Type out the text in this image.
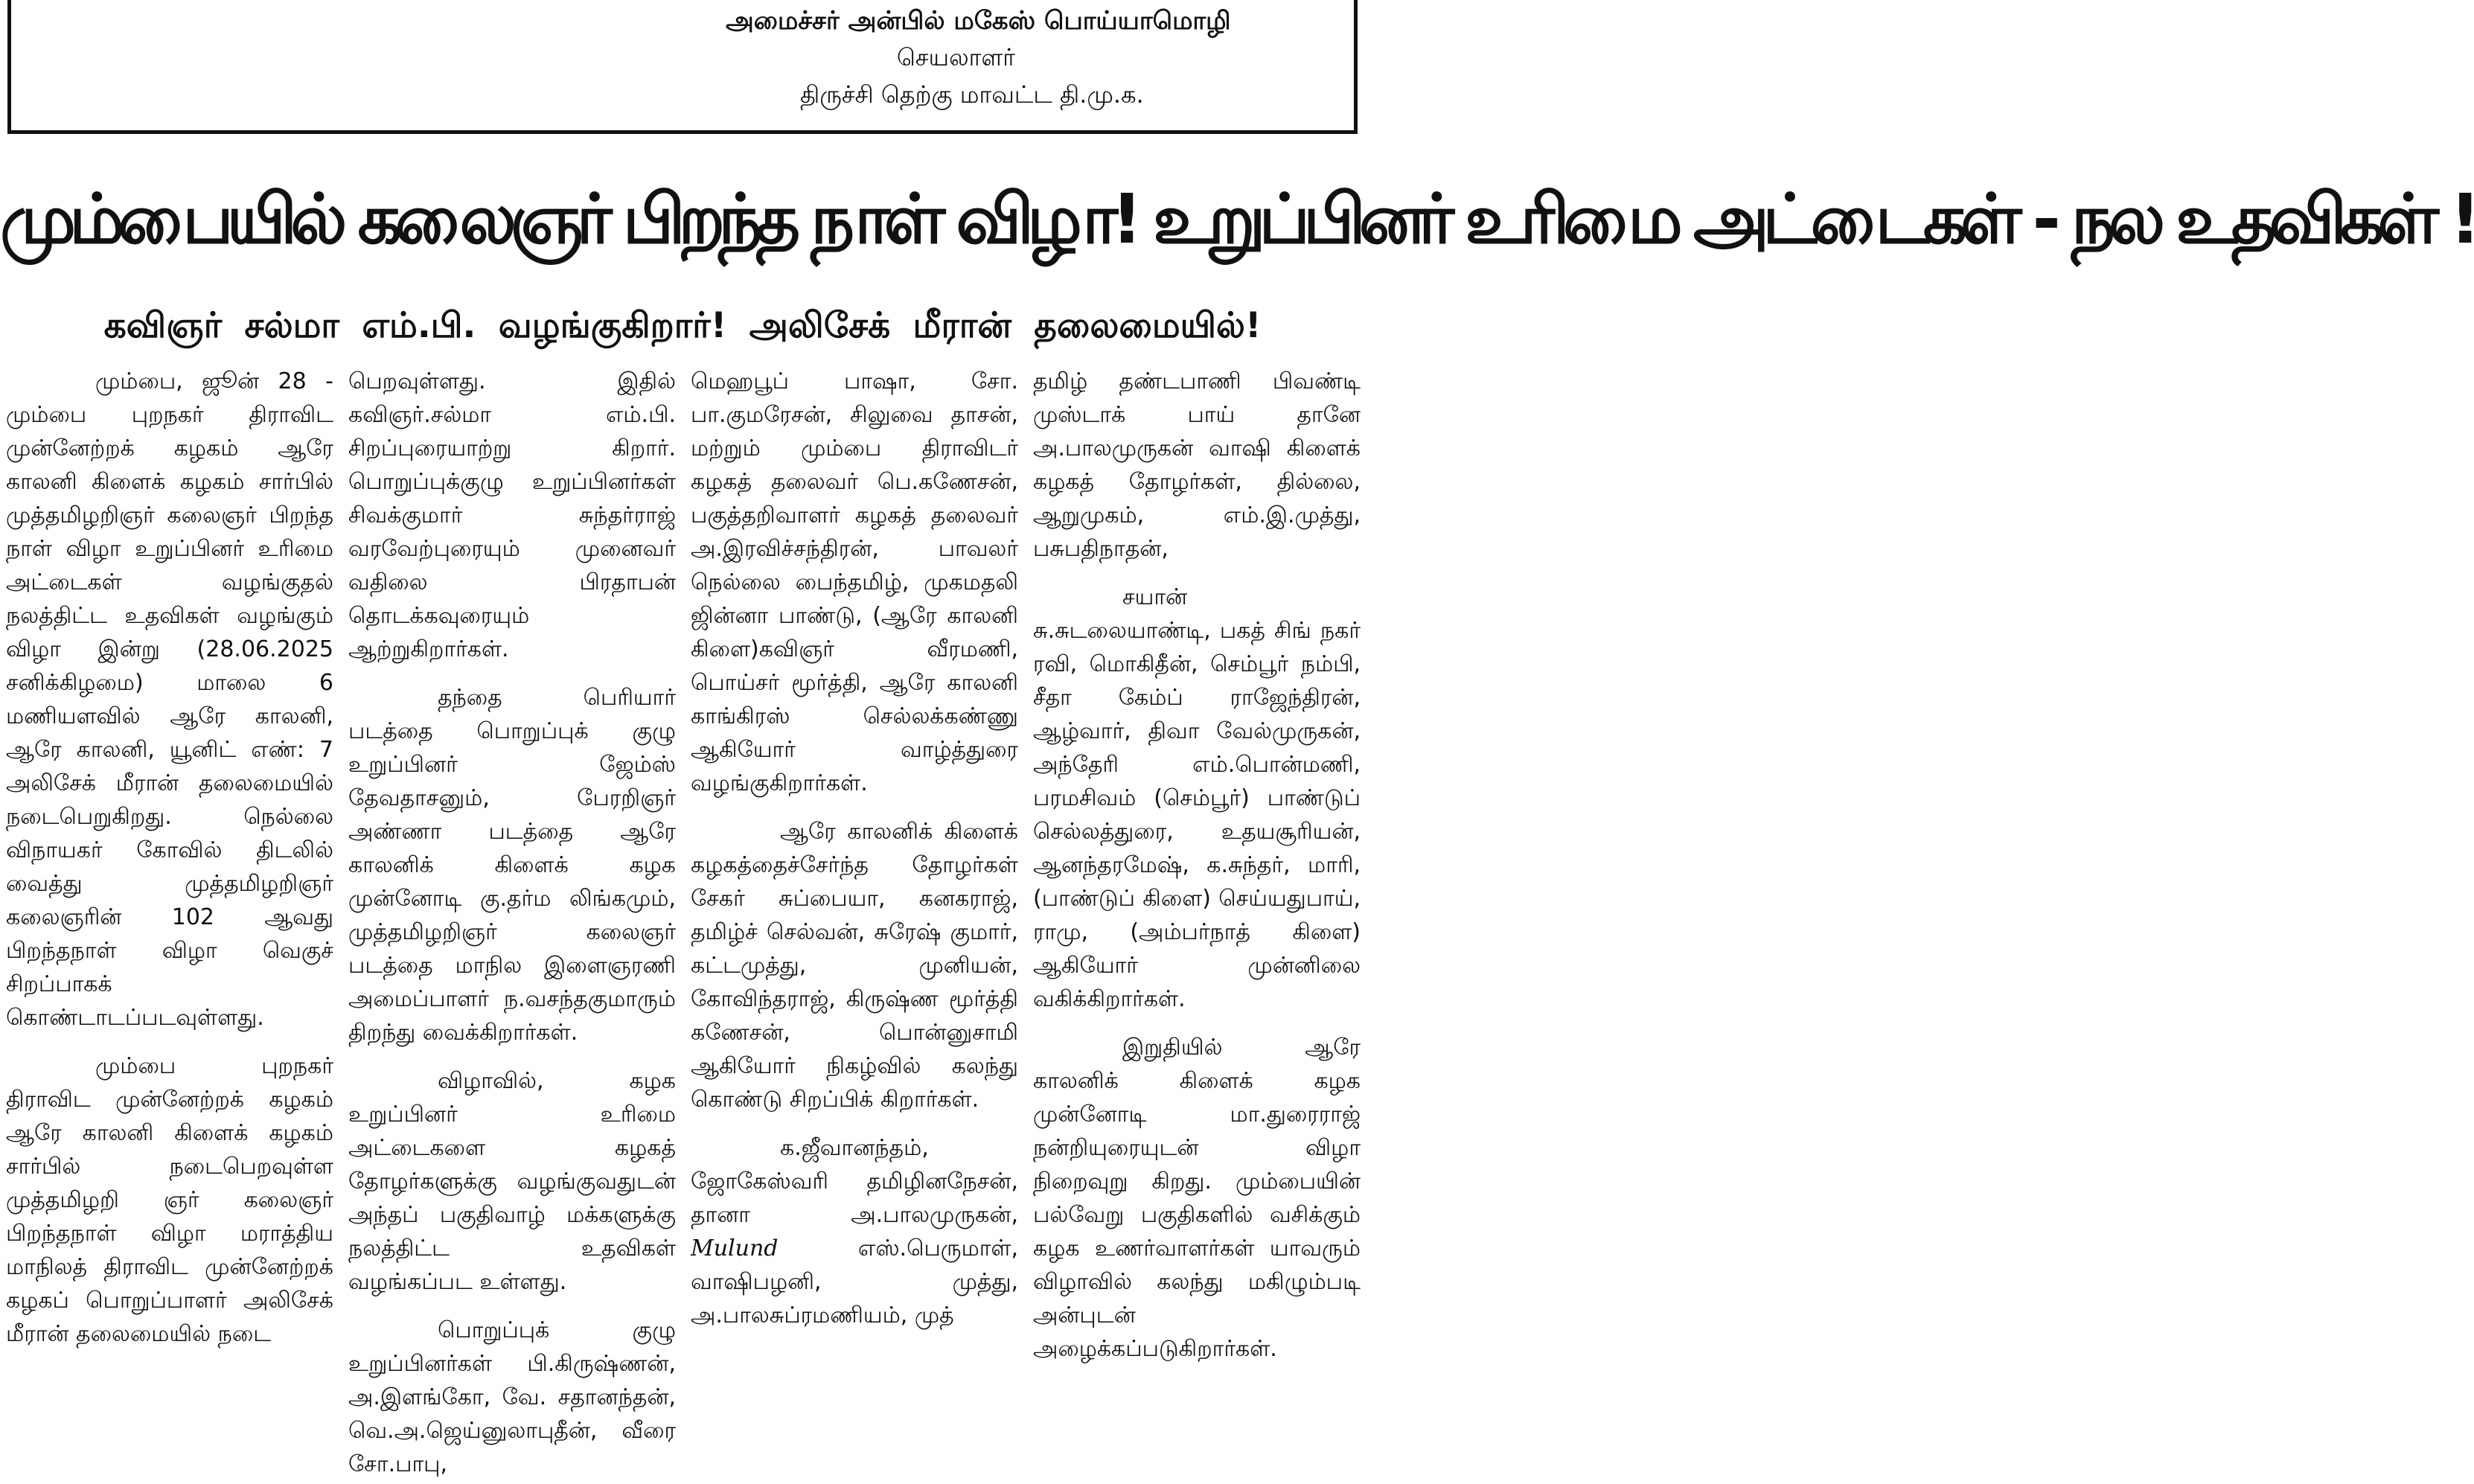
அமைச்சர் அன்பில் மகேஸ் பொய்யாமொழி
செயலாளர்
திருச்சி தெற்கு மாவட்ட தி.மு.க.
மும்பையில் கலைஞர் பிறந்த நாள் விழா! உறுப்பினர் உரிமை அட்டைகள் - நல உதவிகள் !
கவிஞர் சல்மா எம்.பி. வழங்குகிறார்! அலிசேக் மீரான் தலைமையில்!

மும்பை, ஜூன் 28 - மும்பை புறநகர் திராவிட முன்னேற்றக் கழகம் ஆரே காலனி கிளைக் கழகம் சார்பில் முத்தமிழறிஞர் கலைஞர் பிறந்த நாள் விழா உறுப்பினர் உரிமை அட்டைகள் வழங்குதல் நலத்திட்ட உதவிகள் வழங்கும் விழா இன்று (28.06.2025 சனிக்கிழமை) மாலை 6 மணியளவில் ஆரே காலனி, ஆரே காலனி, யூனிட் எண்: 7 அலிசேக் மீரான் தலைமையில் நடைபெறுகிறது. நெல்லை விநாயகர் கோவில் திடலில் வைத்து முத்தமிழறிஞர் கலைஞரின் 102 ஆவது பிறந்தநாள் விழா வெகுச் சிறப்பாகக் கொண்டாடப்படவுள்ளது.

மும்பை புறநகர் திராவிட முன்னேற்றக் கழகம் ஆரே காலனி கிளைக் கழகம் சார்பில் நடைபெறவுள்ள முத்தமிழறி ஞர் கலைஞர் பிறந்தநாள் விழா மராத்திய மாநிலத் திராவிட முன்னேற்றக் கழகப் பொறுப்பாளர் அலிசேக் மீரான் தலைமையில் நடை

பெறவுள்ளது. இதில் கவிஞர்.சல்மா எம்.பி. சிறப்புரையாற்று கிறார். பொறுப்புக்குழு உறுப்பினர்கள் சிவக்குமார் சுந்தர்ராஜ் வரவேற்புரையும் முனைவர் வதிலை பிரதாபன் தொடக்கவுரையும் ஆற்றுகிறார்கள்.

தந்தை பெரியார் படத்தை பொறுப்புக் குழு உறுப்பினர் ஜேம்ஸ் தேவதாசனும், பேரறிஞர் அண்ணா படத்தை ஆரே காலனிக் கிளைக் கழக முன்னோடி கு.தர்ம லிங்கமும், முத்தமிழறிஞர் கலைஞர் படத்தை மாநில இளைஞரணி அமைப்பாளர் ந.வசந்தகுமாரும் திறந்து வைக்கிறார்கள்.

விழாவில், கழக உறுப்பினர் உரிமை அட்டைகளை கழகத் தோழர்களுக்கு வழங்குவதுடன் அந்தப் பகுதிவாழ் மக்களுக்கு நலத்திட்ட உதவிகள் வழங்கப்பட உள்ளது.

பொறுப்புக் குழு உறுப்பினர்கள் பி.கிருஷ்ணன், அ.இளங்கோ, வே. சதானந்தன், வெ.அ.ஜெய்னுலாபுதீன், வீரை சோ.பாபு,

மெஹபூப் பாஷா, சோ. பா.குமரேசன், சிலுவை தாசன், மற்றும் மும்பை திராவிடர் கழகத் தலைவர் பெ.கணேசன், பகுத்தறிவாளர் கழகத் தலைவர் அ.இரவிச்சந்திரன், பாவலர் நெல்லை பைந்தமிழ், முகமதலி ஜின்னா பாண்டு, (ஆரே காலனி கிளை)கவிஞர் வீரமணி, பொய்சர் மூர்த்தி, ஆரே காலனி காங்கிரஸ் செல்லக்கண்ணு ஆகியோர் வாழ்த்துரை வழங்குகிறார்கள்.

ஆரே காலனிக் கிளைக் கழகத்தைச்சேர்ந்த தோழர்கள் சேகர் சுப்பையா, கனகராஜ், தமிழ்ச் செல்வன், சுரேஷ் குமார், கட்டமுத்து, முனியன், கோவிந்தராஜ், கிருஷ்ண மூர்த்தி கணேசன், பொன்னுசாமி ஆகியோர் நிகழ்வில் கலந்து கொண்டு சிறப்பிக் கிறார்கள்.

க.ஜீவானந்தம், ஜோகேஸ்வரி தமிழினநேசன், தானா அ.பாலமுருகன், Mulund	எஸ்.பெருமாள், வாஷிபழனி, முத்து, அ.பாலசுப்ரமணியம், முத்

தமிழ் தண்டபாணி பிவண்டி முஸ்டாக் பாய் தானே அ.பாலமுருகன் வாஷி கிளைக் கழகத் தோழர்கள், தில்லை, ஆறுமுகம், எம்.இ.முத்து, பசுபதிநாதன்,

சயான் சு.சுடலையாண்டி, பகத் சிங் நகர் ரவி, மொகிதீன், செம்பூர் நம்பி, சீதா கேம்ப் ராஜேந்திரன், ஆழ்வார், திவா வேல்முருகன், அந்தேரி எம்.பொன்மணி, பரமசிவம் (செம்பூர்) பாண்டுப் செல்லத்துரை, உதயசூரியன், ஆனந்தரமேஷ், க.சுந்தர், மாரி, (பாண்டுப் கிளை) செய்யதுபாய், ராமு, (அம்பர்நாத் கிளை) ஆகியோர் முன்னிலை வகிக்கிறார்கள்.

இறுதியில் ஆரே காலனிக் கிளைக் கழக முன்னோடி மா.துரைராஜ் நன்றியுரையுடன் விழா நிறைவுறு கிறது. மும்பையின் பல்வேறு பகுதிகளில் வசிக்கும் கழக உணர்வாளர்கள் யாவரும் விழாவில் கலந்து மகிழும்படி அன்புடன் அழைக்கப்படுகிறார்கள்.
